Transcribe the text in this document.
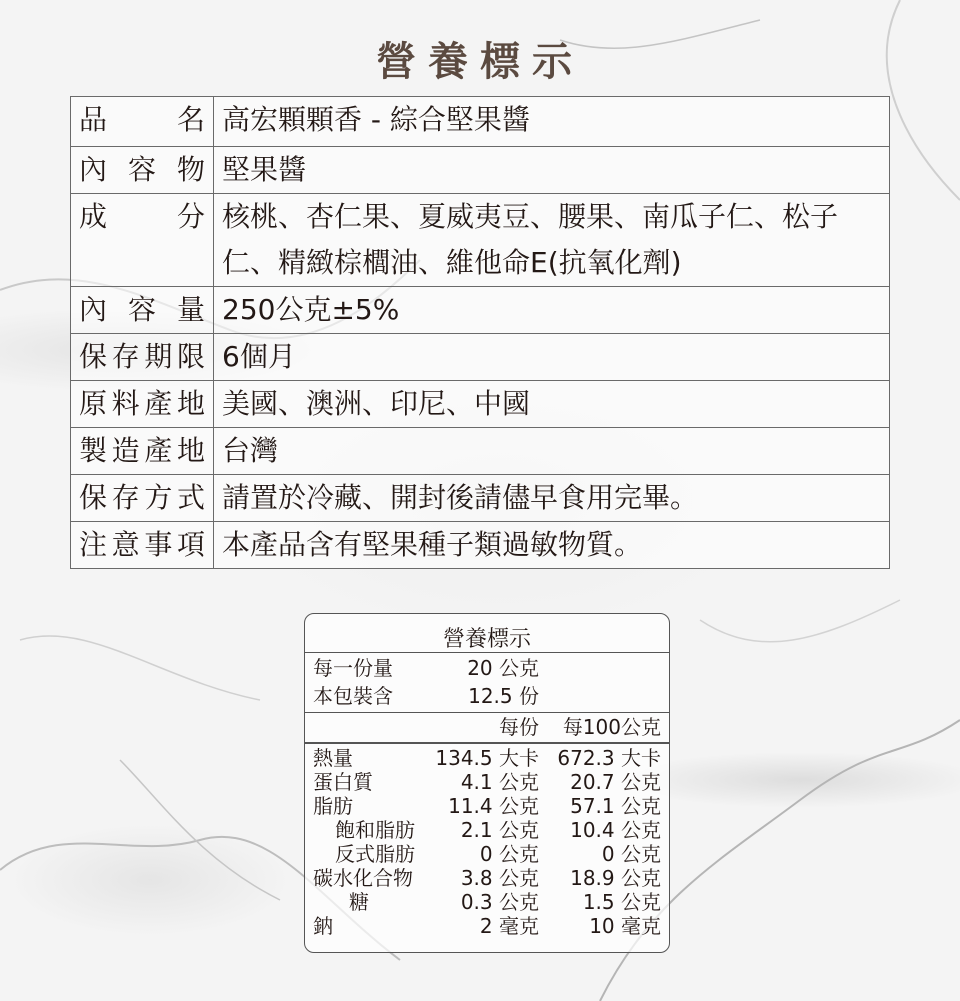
營養標示
品名	高宏顆顆香 - 綜合堅果醬
內容物	堅果醬
成分	核桃、杏仁果、夏威夷豆、腰果、南瓜子仁、松子仁、精緻棕櫚油、維他命E(抗氧化劑)
內容量	250公克±5%
保存期限	6個月
原料產地	美國、澳洲、印尼、中國
製造產地	台灣
保存方式	請置於冷藏、開封後請儘早食用完畢。
注意事項	本產品含有堅果種子類過敏物質。
營養標示
每一份量	20 公克
本包裝含	12.5 份
每份 每100公克
熱量	134.5 大卡 672.3 大卡
蛋白質	4.1 公克 20.7 公克
脂肪	11.4 公克 57.1 公克
飽和脂肪 2.1 公克 10.4 公克
反式脂肪	0 公克	0 公克
碳水化合物 3.8 公克 18.9 公克
糖	0.3 公克 1.5 公克
鈉	2 毫克	10 毫克
